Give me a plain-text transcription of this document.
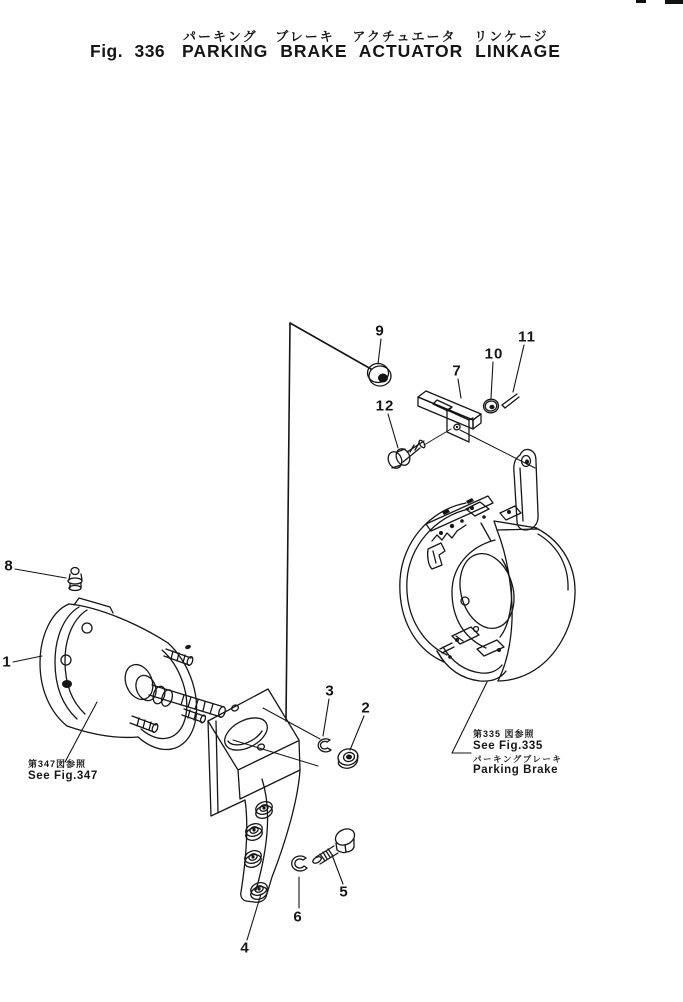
パーキング ブレーキ アクチュエータ リンケージ
Fig. 336 PARKING BRAKE ACTUATOR LINKAGE
1
2
3
4
5
6
7
8
9
10
11
12
第347図参照
See Fig.347
第335 図参照
See Fig.335
パーキングブレーキ
Parking Brake
